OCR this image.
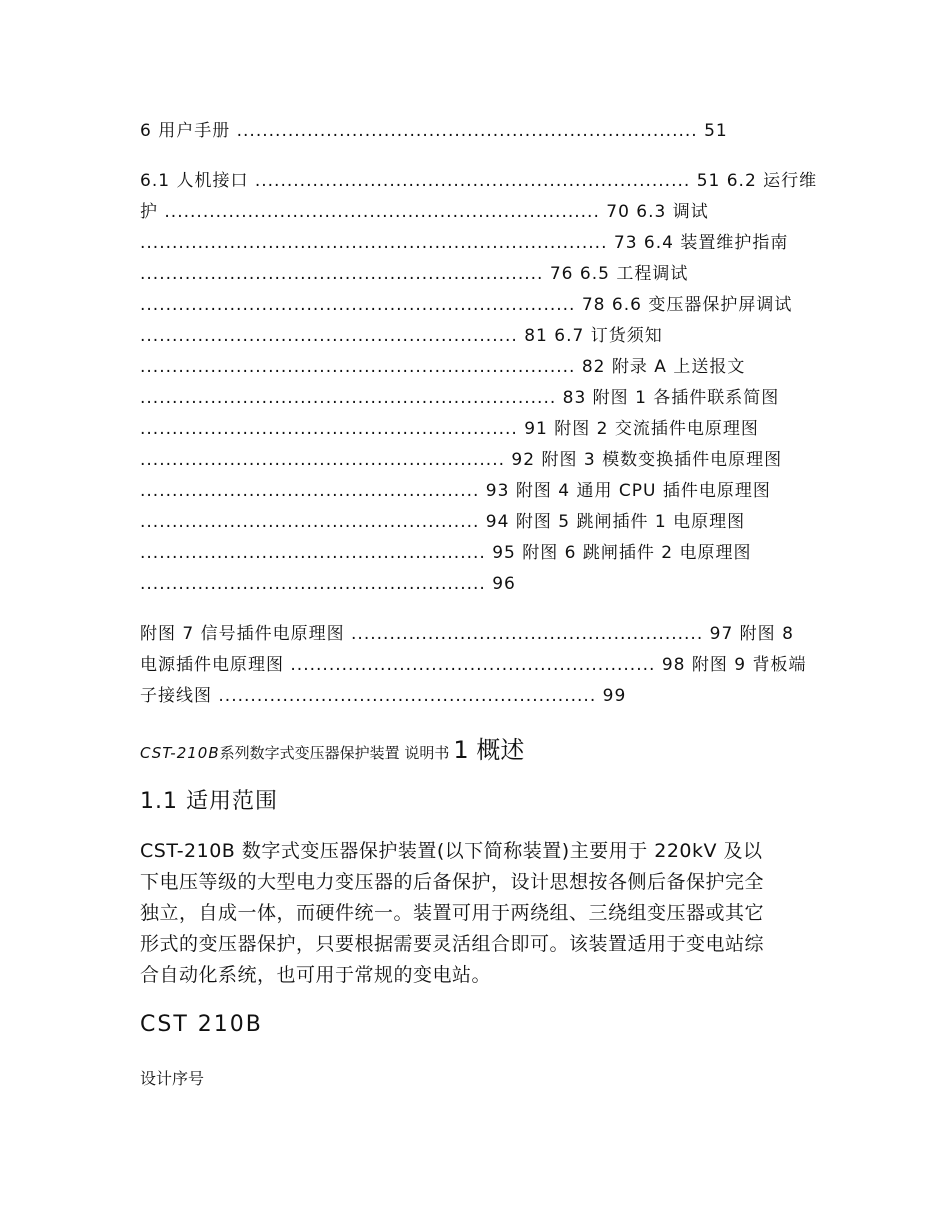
6 用户手册 ........................................................................ 51
6.1 人机接口 .................................................................... 51 6.2 运行维
护 .................................................................... 70 6.3 调试
......................................................................... 73 6.4 装置维护指南
............................................................... 76 6.5 工程调试
.................................................................... 78 6.6 变压器保护屏调试
........................................................... 81 6.7 订货须知
.................................................................... 82 附录 A 上送报文
................................................................. 83 附图 1 各插件联系简图
........................................................... 91 附图 2 交流插件电原理图
......................................................... 92 附图 3 模数变换插件电原理图
..................................................... 93 附图 4 通用 CPU 插件电原理图
..................................................... 94 附图 5 跳闸插件 1 电原理图
...................................................... 95 附图 6 跳闸插件 2 电原理图
...................................................... 96
附图 7 信号插件电原理图 ....................................................... 97 附图 8
电源插件电原理图 ......................................................... 98 附图 9 背板端
子接线图 ........................................................... 99
CST-210B系列数字式变压器保护装置 说明书 1 概述
1.1 适用范围
CST-210B 数字式变压器保护装置(以下简称装置)主要用于 220kV 及以
下电压等级的大型电力变压器的后备保护，设计思想按各侧后备保护完全
独立，自成一体，而硬件统一。装置可用于两绕组、三绕组变压器或其它
形式的变压器保护，只要根据需要灵活组合即可。该装置适用于变电站综
合自动化系统，也可用于常规的变电站。
CST 210B
设计序号
